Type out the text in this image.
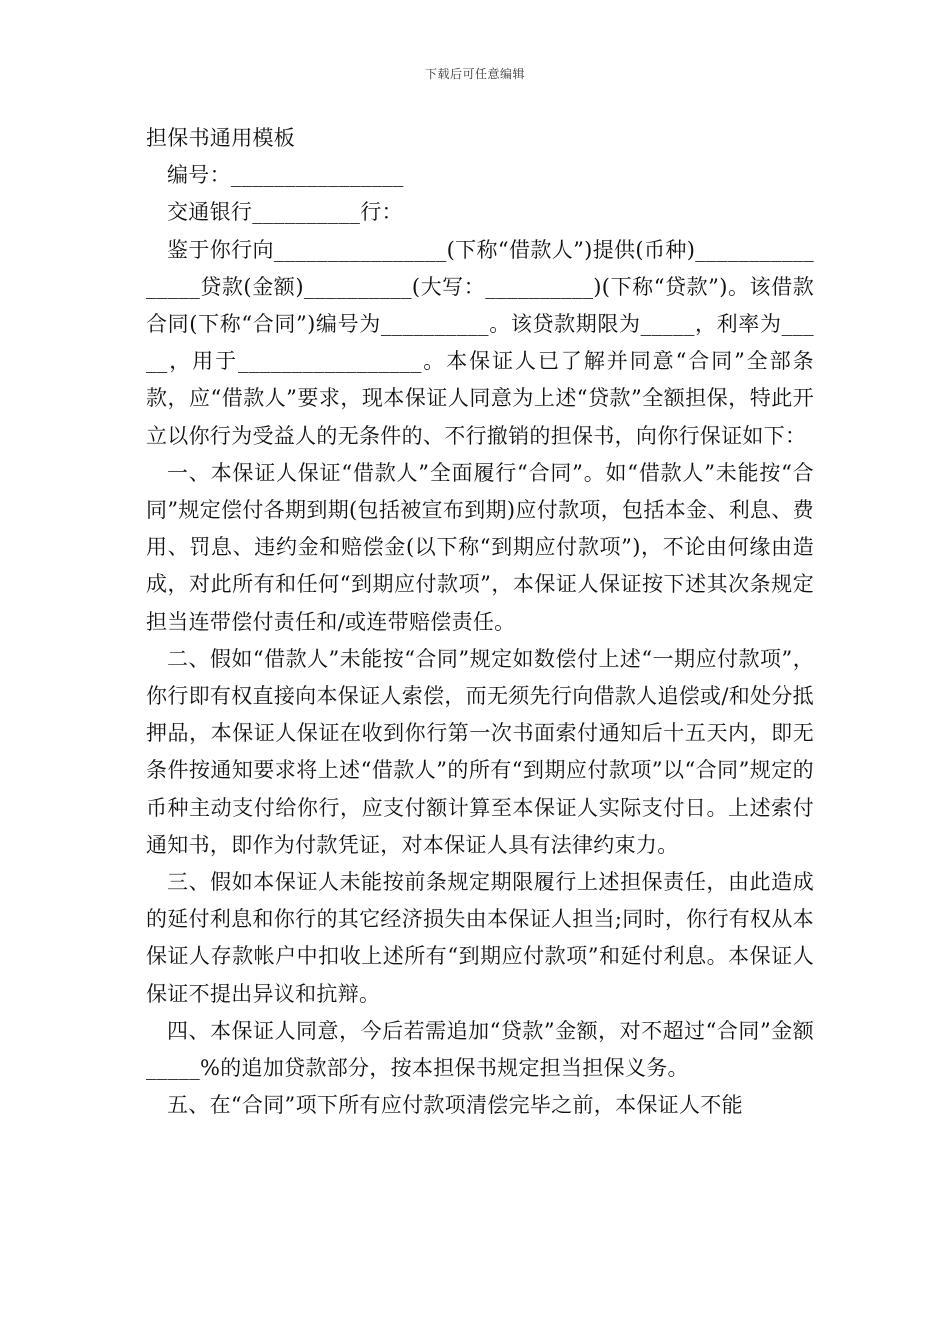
下载后可任意编辑

担保书通用模板

编号：________________

交通银行__________行：

鉴于你行向________________(下称“借款人”)提供(币种)________________贷款(金额)__________(大写：__________)(下称“贷款”)。该借款合同(下称“合同”)编号为__________。该贷款期限为_____，利率为_____，用于_________________。本保证人已了解并同意“合同”全部条款，应“借款人”要求，现本保证人同意为上述“贷款”全额担保，特此开立以你行为受益人的无条件的、不行撤销的担保书，向你行保证如下：

一、本保证人保证“借款人”全面履行“合同”。如“借款人”未能按“合同”规定偿付各期到期(包括被宣布到期)应付款项，包括本金、利息、费用、罚息、违约金和赔偿金(以下称“到期应付款项”)，不论由何缘由造成，对此所有和任何“到期应付款项”，本保证人保证按下述其次条规定担当连带偿付责任和/或连带赔偿责任。

二、假如“借款人”未能按“合同”规定如数偿付上述“一期应付款项”，你行即有权直接向本保证人索偿，而无须先行向借款人追偿或/和处分抵押品，本保证人保证在收到你行第一次书面索付通知后十五天内，即无条件按通知要求将上述“借款人”的所有“到期应付款项”以“合同”规定的币种主动支付给你行，应支付额计算至本保证人实际支付日。上述索付通知书，即作为付款凭证，对本保证人具有法律约束力。

三、假如本保证人未能按前条规定期限履行上述担保责任，由此造成的延付利息和你行的其它经济损失由本保证人担当;同时，你行有权从本保证人存款帐户中扣收上述所有“到期应付款项”和延付利息。本保证人保证不提出异议和抗辩。

四、本保证人同意，今后若需追加“贷款”金额，对不超过“合同”金额_____%的追加贷款部分，按本担保书规定担当担保义务。

五、在“合同”项下所有应付款项清偿完毕之前，本保证人不能
